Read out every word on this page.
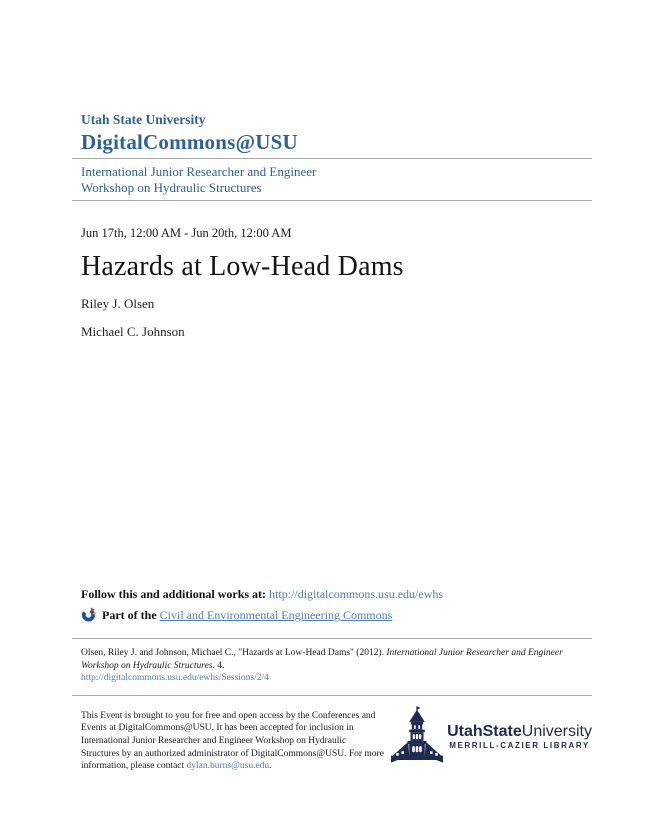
Utah State University
DigitalCommons@USU
International Junior Researcher and Engineer
Workshop on Hydraulic Structures
Jun 17th, 12:00 AM - Jun 20th, 12:00 AM
Hazards at Low-Head Dams
Riley J. Olsen
Michael C. Johnson
Follow this and additional works at: http://digitalcommons.usu.edu/ewhs
Part of the Civil and Environmental Engineering Commons
Olsen, Riley J. and Johnson, Michael C., "Hazards at Low-Head Dams" (2012). International Junior Researcher and Engineer Workshop on Hydraulic Structures. 4.
http://digitalcommons.usu.edu/ewhs/Sessions/2/4

This Event is brought to you for free and open access by the Conferences and Events at DigitalCommons@USU. It has been accepted for inclusion in International Junior Researcher and Engineer Workshop on Hydraulic Structures by an authorized administrator of DigitalCommons@USU. For more information, please contact dylan.burns@usu.edu.

UtahStateUniversity
MERRILL-CAZIER LIBRARY
